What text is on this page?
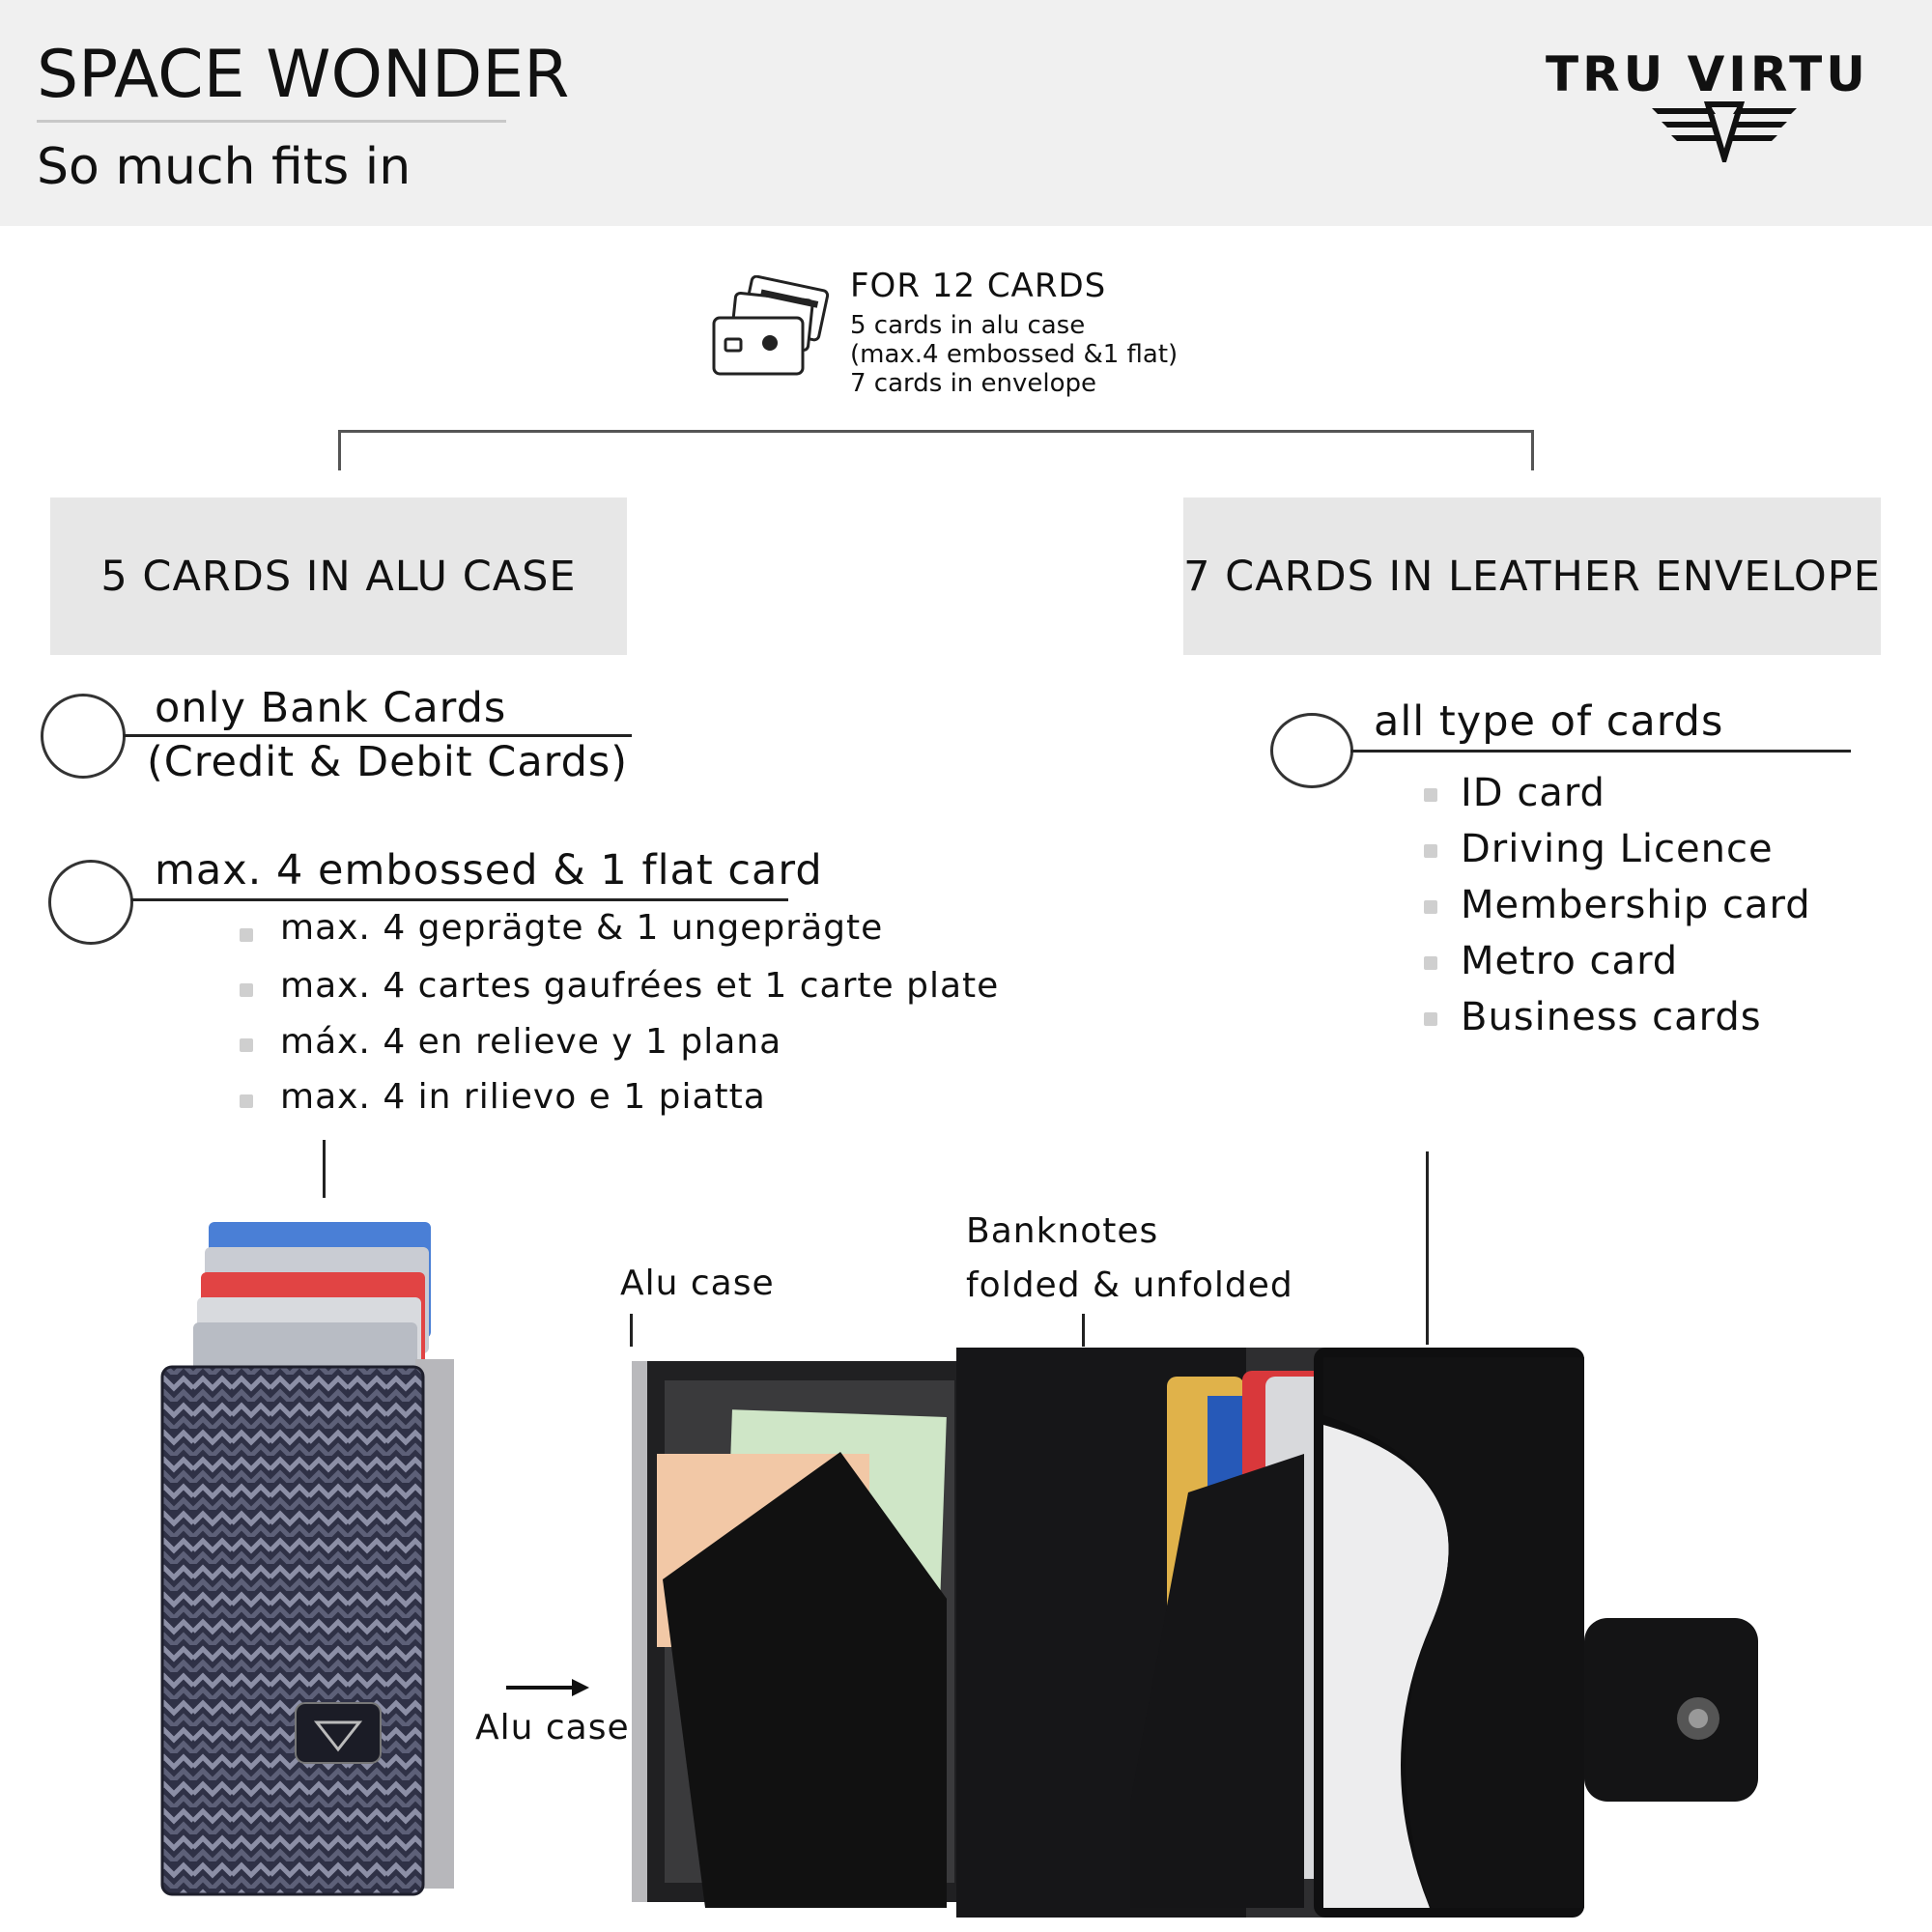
SPACE WONDER
So much fits in
TRU VIRTU
FOR 12 CARDS
5 cards in alu case
(max.4 embossed &1 flat)
7 cards in envelope
5 CARDS IN ALU CASE
only Bank Cards
(Credit & Debit Cards)
max. 4 embossed & 1 flat card
max. 4 geprägte & 1 ungeprägte
max. 4 cartes gaufrées et 1 carte plate
máx. 4 en relieve y 1 plana
max. 4 in rilievo e 1 piatta
7 CARDS IN LEATHER ENVELOPE
all type of cards
ID card
Driving Licence
Membership card
Metro card
Business cards
Alu case
Banknotes
folded & unfolded
Alu case
